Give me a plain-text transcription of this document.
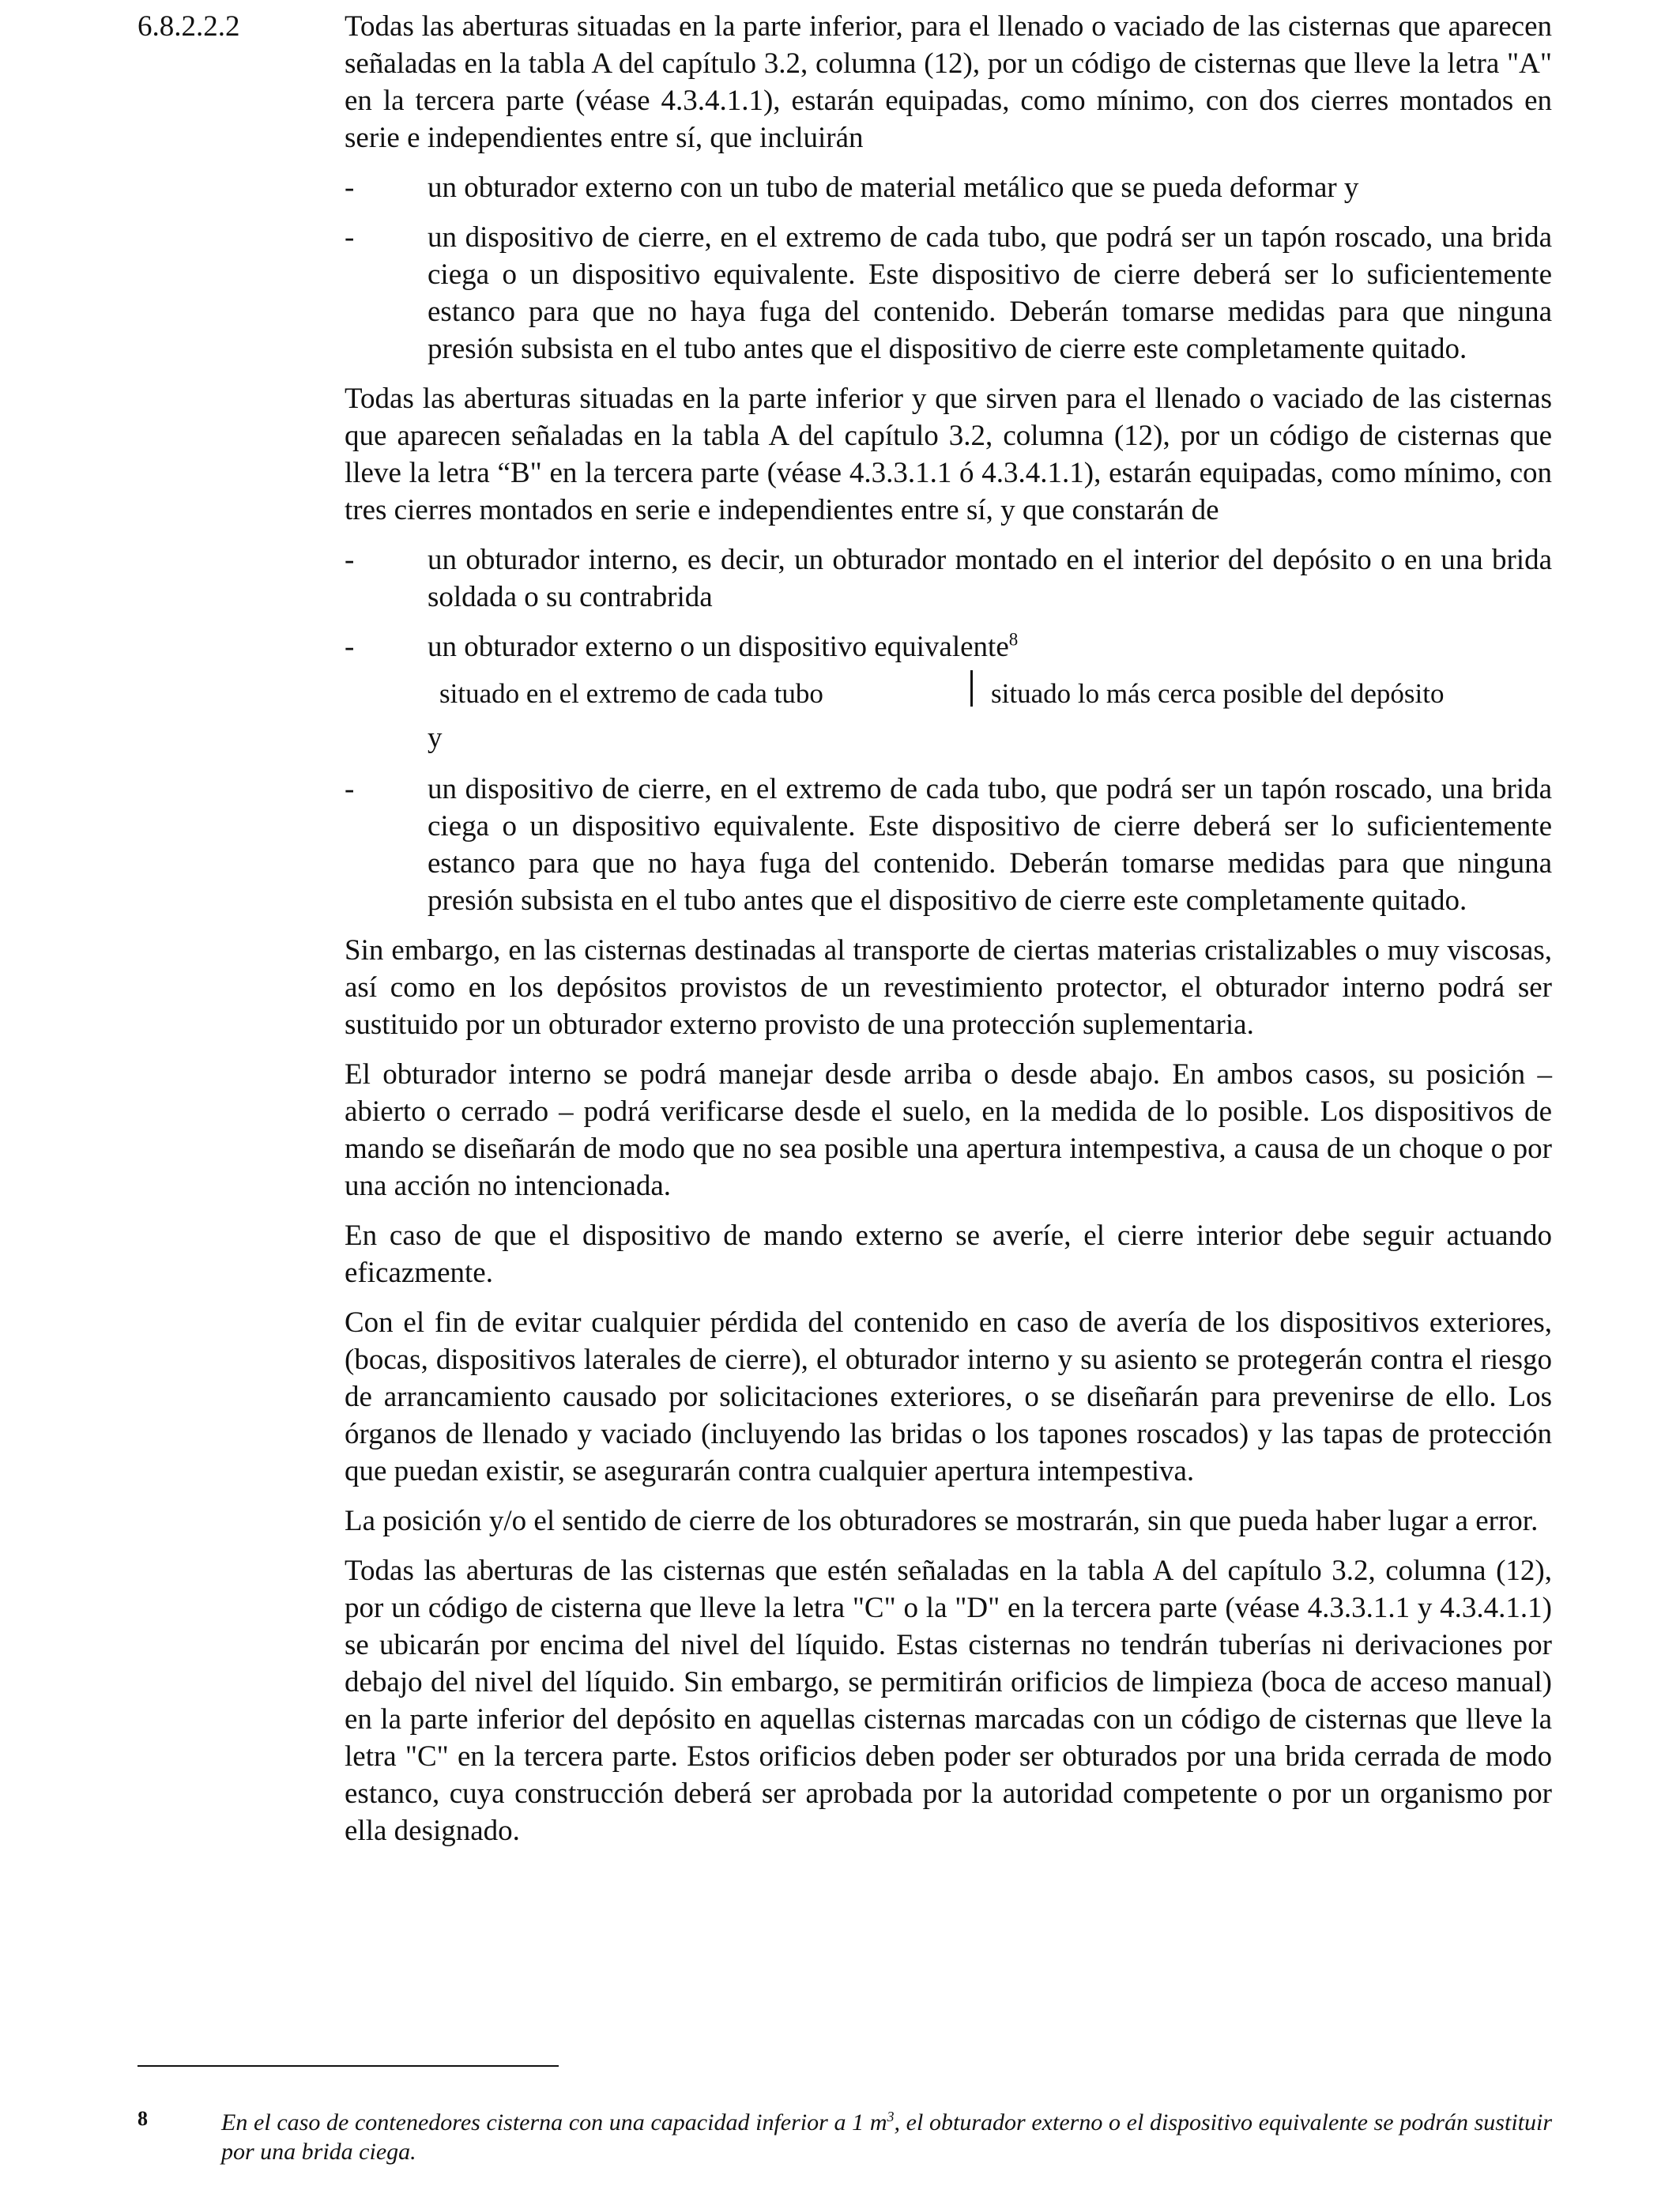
6.8.2.2.2	Todas las aberturas situadas en la parte inferior, para el llenado o vaciado de las cisternas que aparecen señaladas en la tabla A del capítulo 3.2, columna (12), por un código de cisternas que lleve la letra "A" en la tercera parte (véase 4.3.4.1.1), estarán equipadas, como mínimo, con dos cierres montados en serie e independientes entre sí, que incluirán

-	un obturador externo con un tubo de material metálico que se pueda deformar y
-	un dispositivo de cierre, en el extremo de cada tubo, que podrá ser un tapón roscado, una brida ciega o un dispositivo equivalente. Este dispositivo de cierre deberá ser lo suficientemente estanco para que no haya fuga del contenido. Deberán tomarse medidas para que ninguna presión subsista en el tubo antes que el dispositivo de cierre este completamente quitado.

Todas las aberturas situadas en la parte inferior y que sirven para el llenado o vaciado de las cisternas que aparecen señaladas en la tabla A del capítulo 3.2, columna (12), por un código de cisternas que lleve la letra “B" en la tercera parte (véase 4.3.3.1.1 ó 4.3.4.1.1), estarán equipadas, como mínimo, con tres cierres montados en serie e independientes entre sí, y que constarán de

-	un obturador interno, es decir, un obturador montado en el interior del depósito o en una brida soldada o su contrabrida
-	un obturador externo o un dispositivo equivalente$^8$
situado en el extremo de cada tubo	situado lo más cerca posible del depósito
y
-	un dispositivo de cierre, en el extremo de cada tubo, que podrá ser un tapón roscado, una brida ciega o un dispositivo equivalente. Este dispositivo de cierre deberá ser lo suficientemente estanco para que no haya fuga del contenido. Deberán tomarse medidas para que ninguna presión subsista en el tubo antes que el dispositivo de cierre este completamente quitado.

Sin embargo, en las cisternas destinadas al transporte de ciertas materias cristalizables o muy viscosas, así como en los depósitos provistos de un revestimiento protector, el obturador interno podrá ser sustituido por un obturador externo provisto de una protección suplementaria.

El obturador interno se podrá manejar desde arriba o desde abajo. En ambos casos, su posición – abierto o cerrado – podrá verificarse desde el suelo, en la medida de lo posible. Los dispositivos de mando se diseñarán de modo que no sea posible una apertura intempestiva, a causa de un choque o por una acción no intencionada.

En caso de que el dispositivo de mando externo se averíe, el cierre interior debe seguir actuando eficazmente.

Con el fin de evitar cualquier pérdida del contenido en caso de avería de los dispositivos exteriores, (bocas, dispositivos laterales de cierre), el obturador interno y su asiento se protegerán contra el riesgo de arrancamiento causado por solicitaciones exteriores, o se diseñarán para prevenirse de ello. Los órganos de llenado y vaciado (incluyendo las bridas o los tapones roscados) y las tapas de protección que puedan existir, se asegurarán contra cualquier apertura intempestiva.

La posición y/o el sentido de cierre de los obturadores se mostrarán, sin que pueda haber lugar a error.

Todas las aberturas de las cisternas que estén señaladas en la tabla A del capítulo 3.2, columna (12), por un código de cisterna que lleve la letra "C" o la "D" en la tercera parte (véase 4.3.3.1.1 y 4.3.4.1.1) se ubicarán por encima del nivel del líquido. Estas cisternas no tendrán tuberías ni derivaciones por debajo del nivel del líquido. Sin embargo, se permitirán orificios de limpieza (boca de acceso manual) en la parte inferior del depósito en aquellas cisternas marcadas con un código de cisternas que lleve la letra "C" en la tercera parte. Estos orificios deben poder ser obturados por una brida cerrada de modo estanco, cuya construcción deberá ser aprobada por la autoridad competente o por un organismo por ella designado.

8	En el caso de contenedores cisterna con una capacidad inferior a 1 $m^3$, el obturador externo o el dispositivo equivalente se podrán sustituir por una brida ciega.
